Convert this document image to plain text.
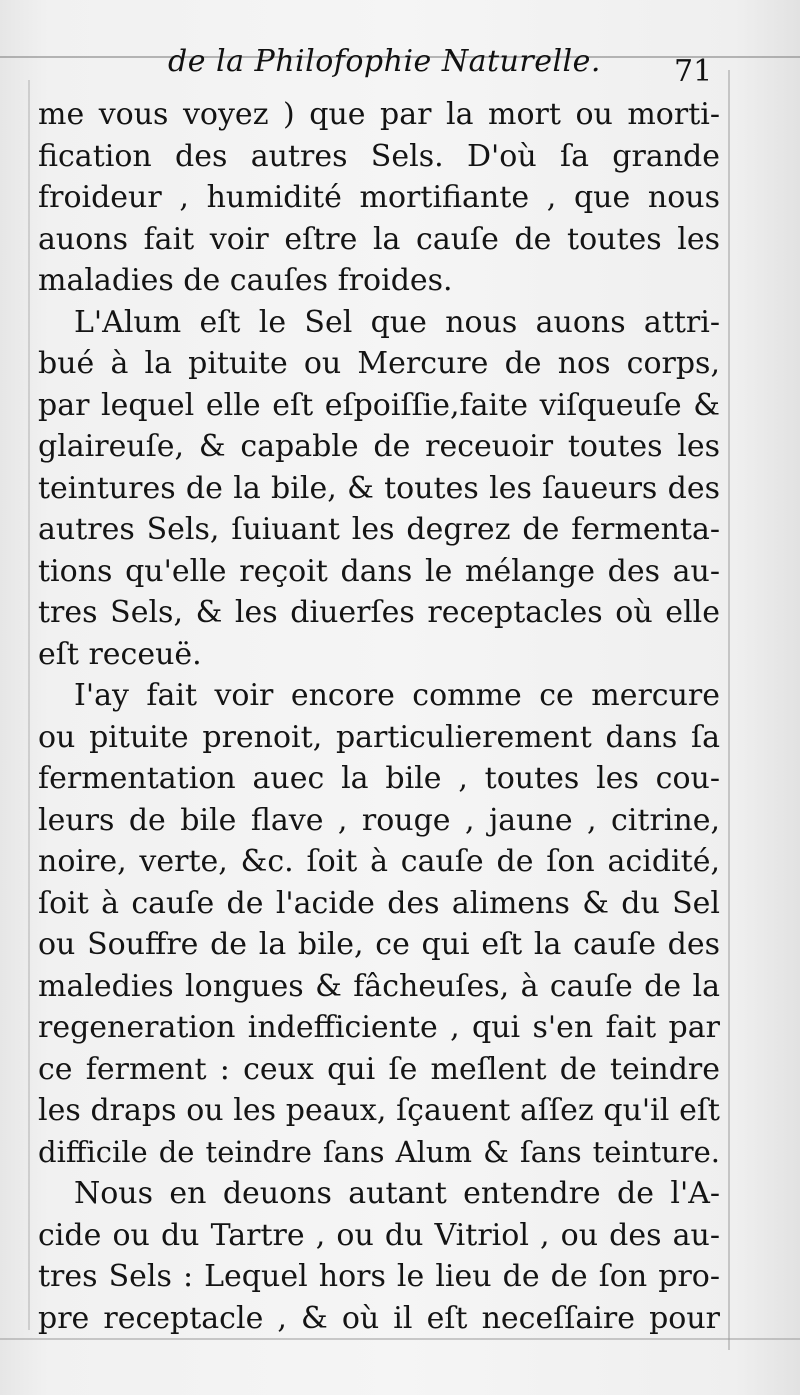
de la Philofophie Naturelle. 71
me vous voyez ) que par la mort ou morti-
fication des autres Sels. D'où ſa grande
froideur , humidité mortifiante , que nous
auons fait voir eſtre la cauſe de toutes les
maladies de cauſes froides.
L'Alum eſt le Sel que nous auons attri-
bué à la pituite ou Mercure de nos corps,
par lequel elle eſt eſpoiſſie,faite viſqueuſe &
glaireuſe, & capable de receuoir toutes les
teintures de la bile, & toutes les ſaueurs des
autres Sels, ſuiuant les degrez de fermenta-
tions qu'elle reçoit dans le mélange des au-
tres Sels, & les diuerſes receptacles où elle
eſt receuë.
I'ay fait voir encore comme ce mercure
ou pituite prenoit, particulierement dans ſa
fermentation auec la bile , toutes les cou-
leurs de bile flave , rouge , jaune , citrine,
noire, verte, &c. ſoit à cauſe de ſon acidité,
ſoit à cauſe de l'acide des alimens & du Sel
ou Souffre de la bile, ce qui eſt la cauſe des
maledies longues & fâcheuſes, à cauſe de la
regeneration indefficiente , qui s'en fait par
ce ferment : ceux qui ſe meſlent de teindre
les draps ou les peaux, ſçauent aſſez qu'il eſt
difficile de teindre ſans Alum & ſans teinture.
Nous en deuons autant entendre de l'A-
cide ou du Tartre , ou du Vitriol , ou des au-
tres Sels : Lequel hors le lieu de de ſon pro-
pre receptacle , & où il eſt neceſſaire pour
